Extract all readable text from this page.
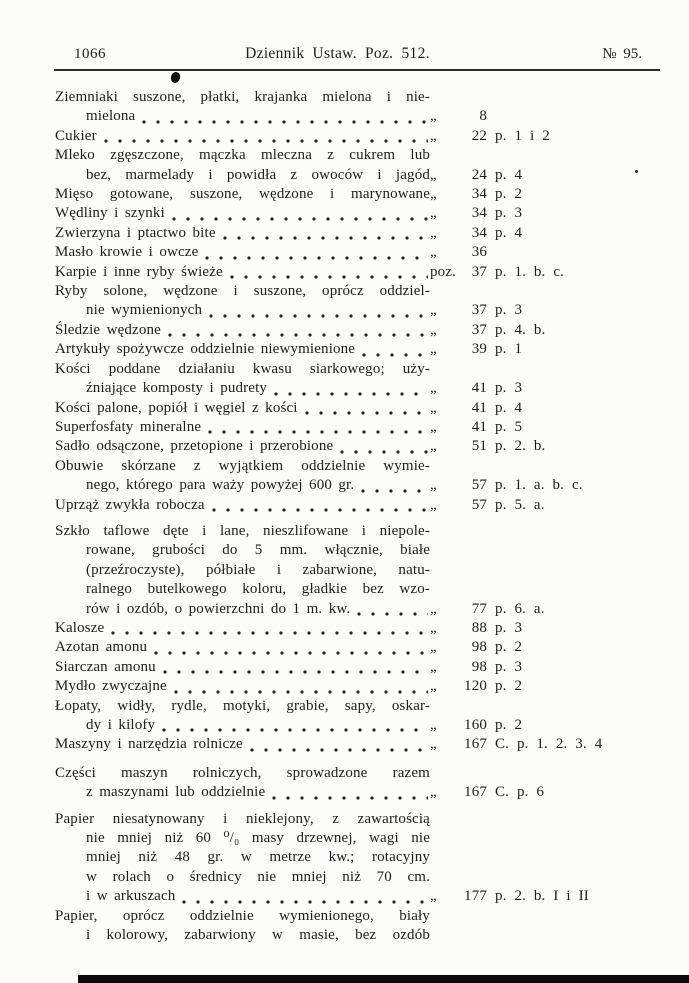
1066	Dziennik Ustaw. Poz. 512.	№ 95.
Ziemniaki suszone, płatki, krajanka mielona i nie-
mielona	„	8
Cukier	„	22 p. 1 i 2
Mleko zgęszczone, mączka mleczna z cukrem lub
bez, marmelady i powidła z owoców i jagód „	24 p. 4
Mięso gotowane, suszone, wędzone i marynowane „	34 p. 2
Wędliny i szynki	„	34 p. 3
Zwierzyna i ptactwo bite	„	34 p. 4
Masło krowie i owcze	„	36
Karpie i inne ryby świeże	poz.	37 p. 1. b. c.
Ryby solone, wędzone i suszone, oprócz oddziel-
nie wymienionych	„	37 p. 3
Śledzie wędzone	„	37 p. 4. b.
Artykuły spożywcze oddzielnie niewymienione	„	39 p. 1
Kości poddane działaniu kwasu siarkowego; uży-
źniające komposty i pudrety	„	41 p. 3
Kości palone, popiół i węgiel z kości	„	41 p. 4
Superfosfaty mineralne	„	41 p. 5
Sadło odsączone, przetopione i przerobione	„	51 p. 2. b.
Obuwie skórzane z wyjątkiem oddzielnie wymie-
nego, którego para waży powyżej 600 gr.	„	57 p. 1. a. b. c.
Uprząż zwykła robocza	„	57 p. 5. a.
Szkło taflowe dęte i lane, nieszlifowane i niepole-
rowane, grubości do 5 mm. włącznie, białe
(przeźroczyste), półbiałe i zabarwione, natu-
ralnego butelkowego koloru, gładkie bez wzo-
rów i ozdób, o powierzchni do 1 m. kw.	„	77 p. 6. a.
Kalosze	„	88 p. 3
Azotan amonu	„	98 p. 2
Siarczan amonu	„	98 p. 3
Mydło zwyczajne	„	120 p. 2
Łopaty, widły, rydle, motyki, grabie, sapy, oskar-
dy i kilofy	„	160 p. 2
Maszyny i narzędzia rolnicze	„	167 C. p. 1. 2. 3. 4
Części maszyn rolniczych, sprowadzone razem
z maszynami lub oddzielnie	„	167 C. p. 6
Papier niesatynowany i nieklejony, z zawartością
nie mniej niż 60 ⁰/₀ masy drzewnej, wagi nie
mniej niż 48 gr. w metrze kw.; rotacyjny
w rolach o średnicy nie mniej niż 70 cm.
i w arkuszach	„	177 p. 2. b. I i II
Papier, oprócz oddzielnie wymienionego, biały
i kolorowy, zabarwiony w masie, bez ozdób
